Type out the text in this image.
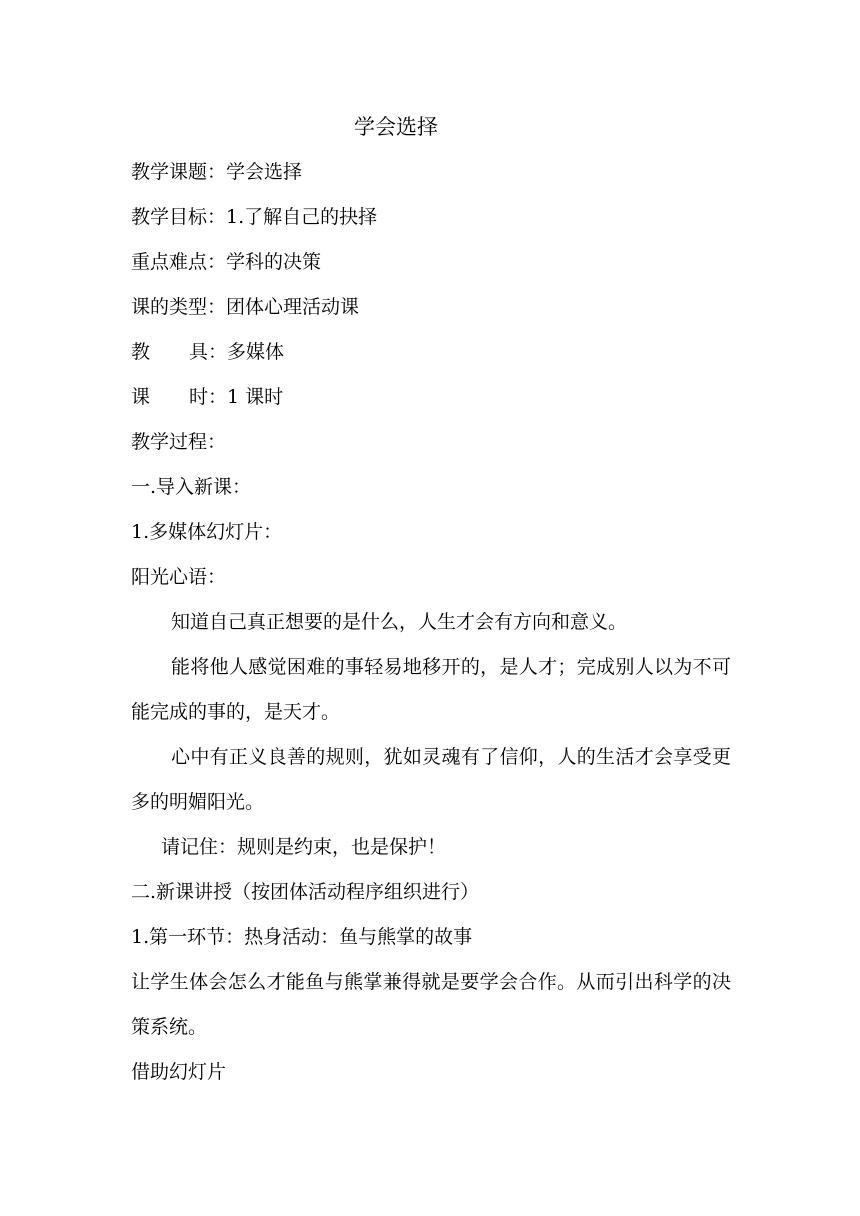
学会选择
教学课题：学会选择
教学目标：1.了解自己的抉择
重点难点：学科的决策
课的类型：团体心理活动课
教 具：多媒体
课 时：1 课时
教学过程：
一.导入新课：
1.多媒体幻灯片：
阳光心语：
知道自己真正想要的是什么，人生才会有方向和意义。
能将他人感觉困难的事轻易地移开的，是人才；完成别人以为不可能完成的事的，是天才。
心中有正义良善的规则，犹如灵魂有了信仰，人的生活才会享受更多的明媚阳光。
请记住：规则是约束，也是保护！
二.新课讲授（按团体活动程序组织进行）
1.第一环节：热身活动：鱼与熊掌的故事
让学生体会怎么才能鱼与熊掌兼得就是要学会合作。从而引出科学的决策系统。
借助幻灯片
